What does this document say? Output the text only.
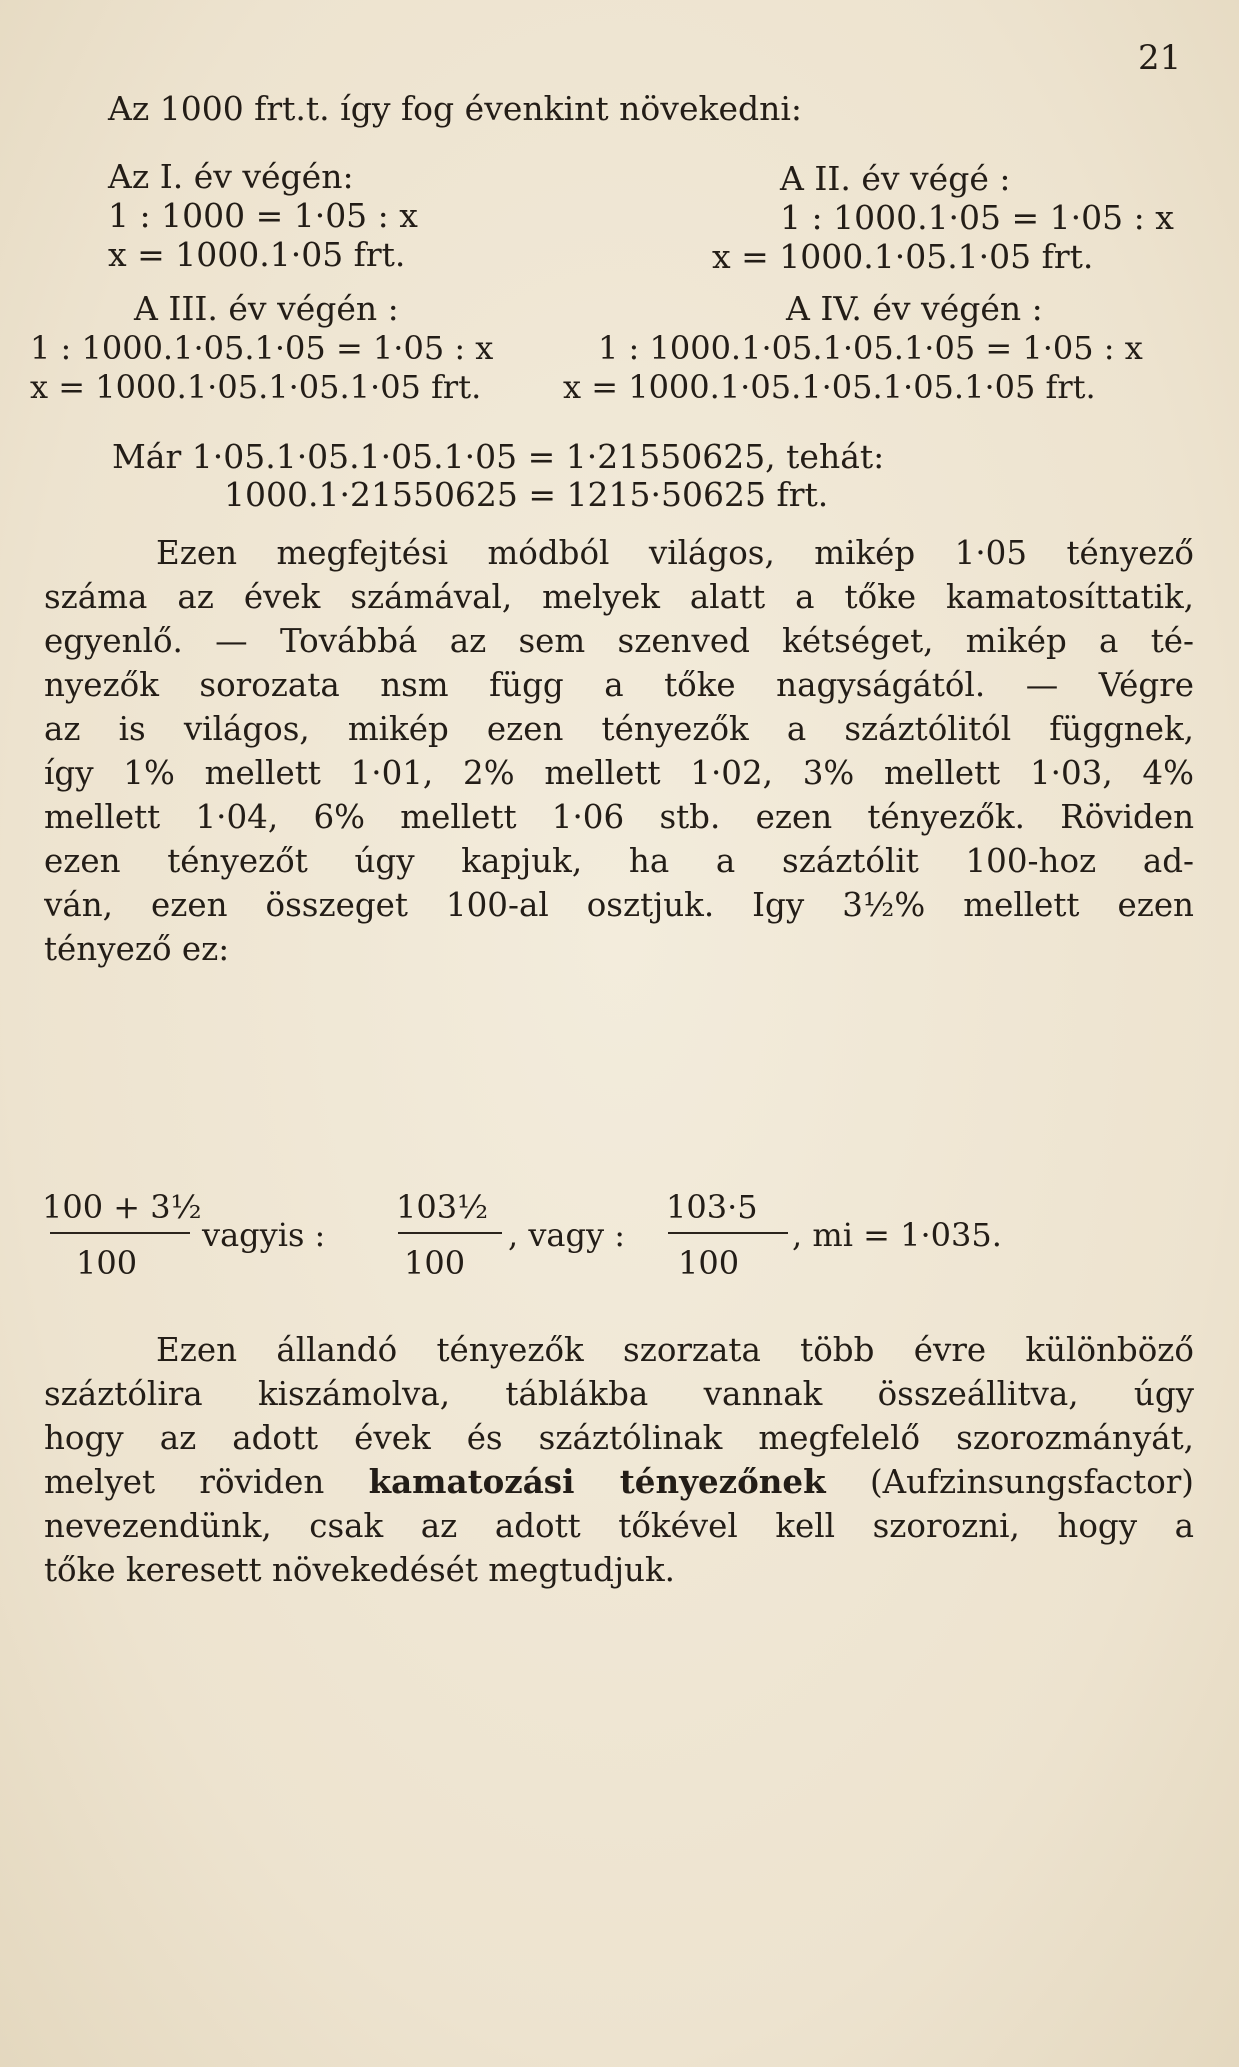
21
Az 1000 frt.t. így fog évenkint növekedni:
Az I. év végén:
1 : 1000 = 1·05 : x
x = 1000.1·05 frt.
A II. év végé :
1 : 1000.1·05 = 1·05 : x
x = 1000.1·05.1·05 frt.
A III. év végén :
1 : 1000.1·05.1·05 = 1·05 : x
x = 1000.1·05.1·05.1·05 frt.
A IV. év végén :
1 : 1000.1·05.1·05.1·05 = 1·05 : x
x = 1000.1·05.1·05.1·05.1·05 frt.
Már 1·05.1·05.1·05.1·05 = 1·21550625, tehát:
1000.1·21550625 = 1215·50625 frt.
Ezen megfejtési módból világos, mikép 1·05 tényező
száma az évek számával, melyek alatt a tőke kamatosíttatik,
egyenlő. — Továbbá az sem szenved kétséget, mikép a té-
nyezők sorozata nsm függ a tőke nagyságától. — Végre
az is világos, mikép ezen tényezők a száztólitól függnek,
így 1% mellett 1·01, 2% mellett 1·02, 3% mellett 1·03, 4%
mellett 1·04, 6% mellett 1·06 stb. ezen tényezők. Röviden
ezen tényezőt úgy kapjuk, ha a száztólit 100-hoz ad-
ván, ezen összeget 100-al osztjuk. Igy 3½% mellett ezen
tényező ez:
100 + 3½
100
vagyis :
103½
100
, vagy :
103·5
100
, mi = 1·035.
Ezen állandó tényezők szorzata több évre különböző
száztólira kiszámolva, táblákba vannak összeállitva, úgy
hogy az adott évek és száztólinak megfelelő szorozmányát,
melyet röviden kamatozási tényezőnek (Aufzinsungsfactor)
nevezendünk, csak az adott tőkével kell szorozni, hogy a
tőke keresett növekedését megtudjuk.
